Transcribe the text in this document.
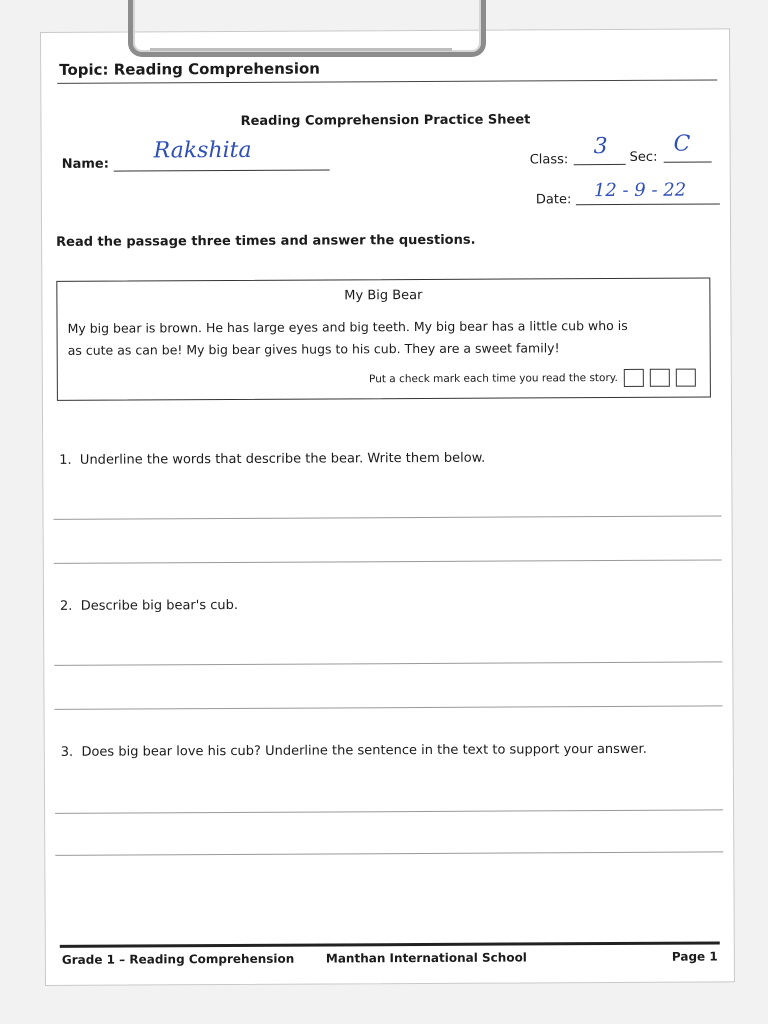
Topic: Reading Comprehension
Reading Comprehension Practice Sheet
Name:
Rakshita	Class:
3 Sec:
C
Date: 12 - 9 - 22
Read the passage three times and answer the questions.
My Big Bear
My big bear is brown. He has large eyes and big teeth. My big bear has a little cub who is
as cute as can be! My big bear gives hugs to his cub. They are a sweet family!
Put a check mark each time you read the story.
1. Underline the words that describe the bear. Write them below.
2. Describe big bear's cub.
3. Does big bear love his cub? Underline the sentence in the text to support your answer.
Grade 1 – Reading Comprehension	Manthan International School	Page 1
